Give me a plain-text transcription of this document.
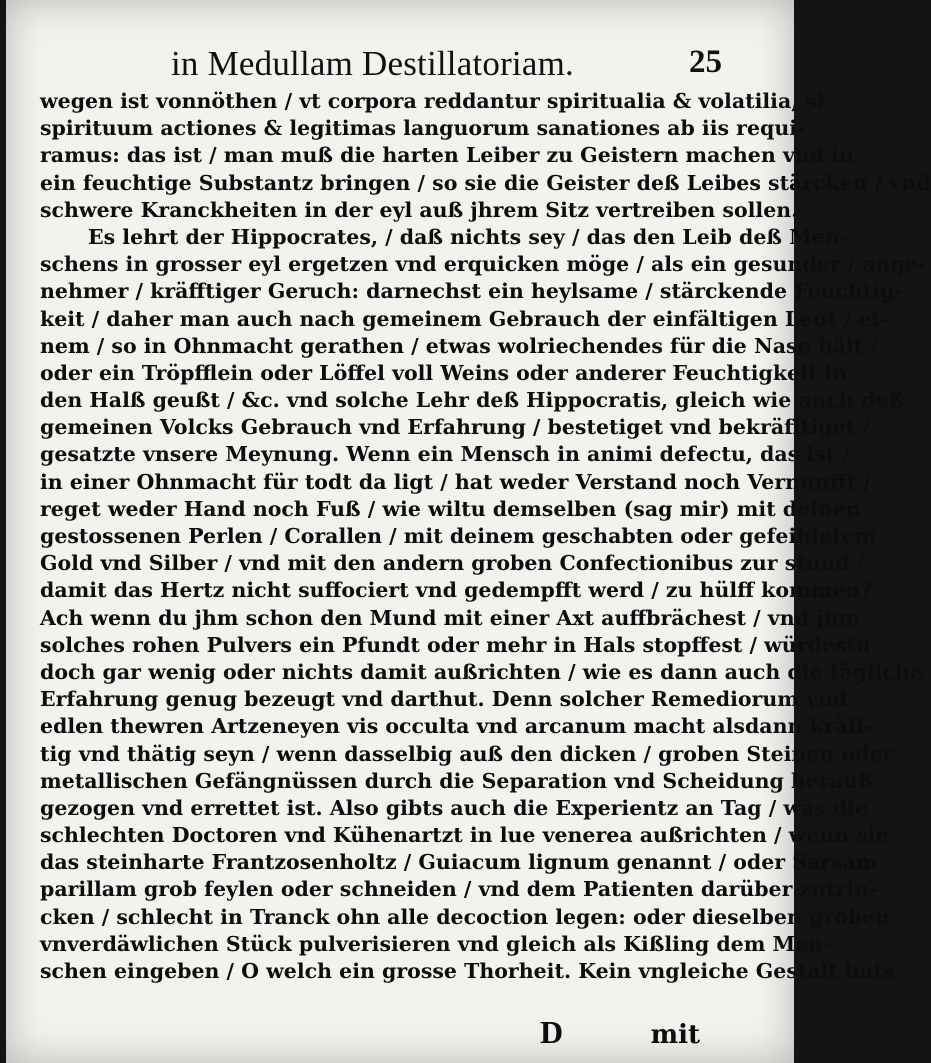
in Medullam Destillatoriam.	25
wegen ist vonnöthen / vt corpora reddantur spiritualia & volatilia, si
spirituum actiones & legitimas languorum sanationes ab iis requi-
ramus: das ist / man muß die harten Leiber zu Geistern machen vnd in
ein feuchtige Substantz bringen / so sie die Geister deß Leibes stärcken / vnd
schwere Kranckheiten in der eyl auß jhrem Sitz vertreiben sollen.
Es lehrt der Hippocrates, / daß nichts sey / das den Leib deß Men-
schens in grosser eyl ergetzen vnd erquicken möge / als ein gesunder / ange-
nehmer / kräfftiger Geruch: darnechst ein heylsame / stärckende Feuchtig-
keit / daher man auch nach gemeinem Gebrauch der einfältigen Leut / ei-
nem / so in Ohnmacht gerathen / etwas wolriechendes für die Nase hält /
oder ein Tröpfflein oder Löffel voll Weins oder anderer Feuchtigkeit in
den Halß geußt / &c. vnd solche Lehr deß Hippocratis, gleich wie auch deß
gemeinen Volcks Gebrauch vnd Erfahrung / bestetiget vnd bekräfftiget /
gesatzte vnsere Meynung. Wenn ein Mensch in animi defectu, das ist /
in einer Ohnmacht für todt da ligt / hat weder Verstand noch Vernunfft /
reget weder Hand noch Fuß / wie wiltu demselben (sag mir) mit deinen
gestossenen Perlen / Corallen / mit deinem geschabten oder gefeihletem
Gold vnd Silber / vnd mit den andern groben Confectionibus zur stund /
damit das Hertz nicht suffociert vnd gedempfft werd / zu hülff kommen?
Ach wenn du jhm schon den Mund mit einer Axt auffbrächest / vnd jhm
solches rohen Pulvers ein Pfundt oder mehr in Hals stopffest / würdestu
doch gar wenig oder nichts damit außrichten / wie es dann auch die tägliche
Erfahrung genug bezeugt vnd darthut. Denn solcher Remediorum vnd
edlen thewren Artzeneyen vis occulta vnd arcanum macht alsdann kräff-
tig vnd thätig seyn / wenn dasselbig auß den dicken / groben Steinen oder
metallischen Gefängnüssen durch die Separation vnd Scheidung herauß
gezogen vnd errettet ist. Also gibts auch die Experientz an Tag / was die
schlechten Doctoren vnd Kühenartzt in lue venerea außrichten / wenn sie
das steinharte Frantzosenholtz / Guiacum lignum genannt / oder Sarsam
parillam grob feylen oder schneiden / vnd dem Patienten darüber zutrin-
cken / schlecht in Tranck ohn alle decoction legen: oder dieselben groben
vnverdäwlichen Stück pulverisieren vnd gleich als Kißling dem Men-
schen eingeben / O welch ein grosse Thorheit. Kein vngleiche Gestalt hats
D	mit
